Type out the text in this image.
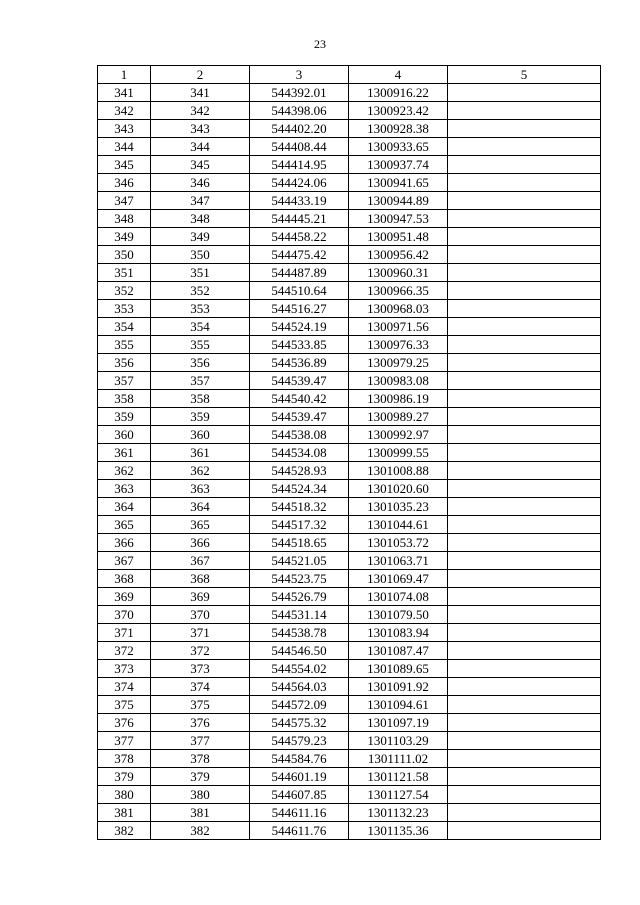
23
1	2	3	4	5
341	341	544392.01	1300916.22	
342	342	544398.06	1300923.42	
343	343	544402.20	1300928.38	
344	344	544408.44	1300933.65	
345	345	544414.95	1300937.74	
346	346	544424.06	1300941.65	
347	347	544433.19	1300944.89	
348	348	544445.21	1300947.53	
349	349	544458.22	1300951.48	
350	350	544475.42	1300956.42	
351	351	544487.89	1300960.31	
352	352	544510.64	1300966.35	
353	353	544516.27	1300968.03	
354	354	544524.19	1300971.56	
355	355	544533.85	1300976.33	
356	356	544536.89	1300979.25	
357	357	544539.47	1300983.08	
358	358	544540.42	1300986.19	
359	359	544539.47	1300989.27	
360	360	544538.08	1300992.97	
361	361	544534.08	1300999.55	
362	362	544528.93	1301008.88	
363	363	544524.34	1301020.60	
364	364	544518.32	1301035.23	
365	365	544517.32	1301044.61	
366	366	544518.65	1301053.72	
367	367	544521.05	1301063.71	
368	368	544523.75	1301069.47	
369	369	544526.79	1301074.08	
370	370	544531.14	1301079.50	
371	371	544538.78	1301083.94	
372	372	544546.50	1301087.47	
373	373	544554.02	1301089.65	
374	374	544564.03	1301091.92	
375	375	544572.09	1301094.61	
376	376	544575.32	1301097.19	
377	377	544579.23	1301103.29	
378	378	544584.76	1301111.02	
379	379	544601.19	1301121.58	
380	380	544607.85	1301127.54	
381	381	544611.16	1301132.23	
382	382	544611.76	1301135.36	
